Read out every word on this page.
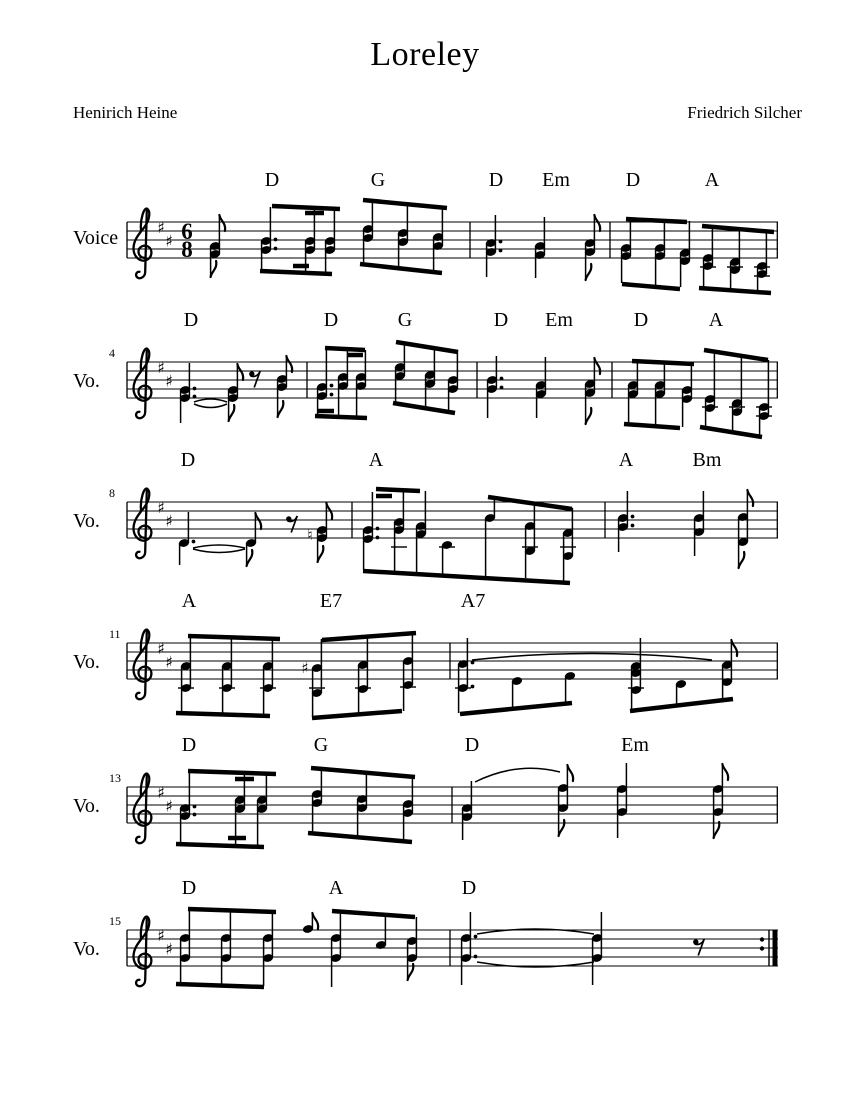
Loreley
Henirich Heine	Friedrich Silcher
♯
♯ 6
8
Voice
D	G	D Em	D	A
♯
♯
Vo.
4
D	D	G	D Em	D	A
♯
♯
Vo.
8
D	A	A	Bm
♮
♯
♯
Vo.
11
A	E7	A7
♯
♯
♯
Vo.
13
D	G	D	Em
♯
♯
Vo.
15
D	A	D
